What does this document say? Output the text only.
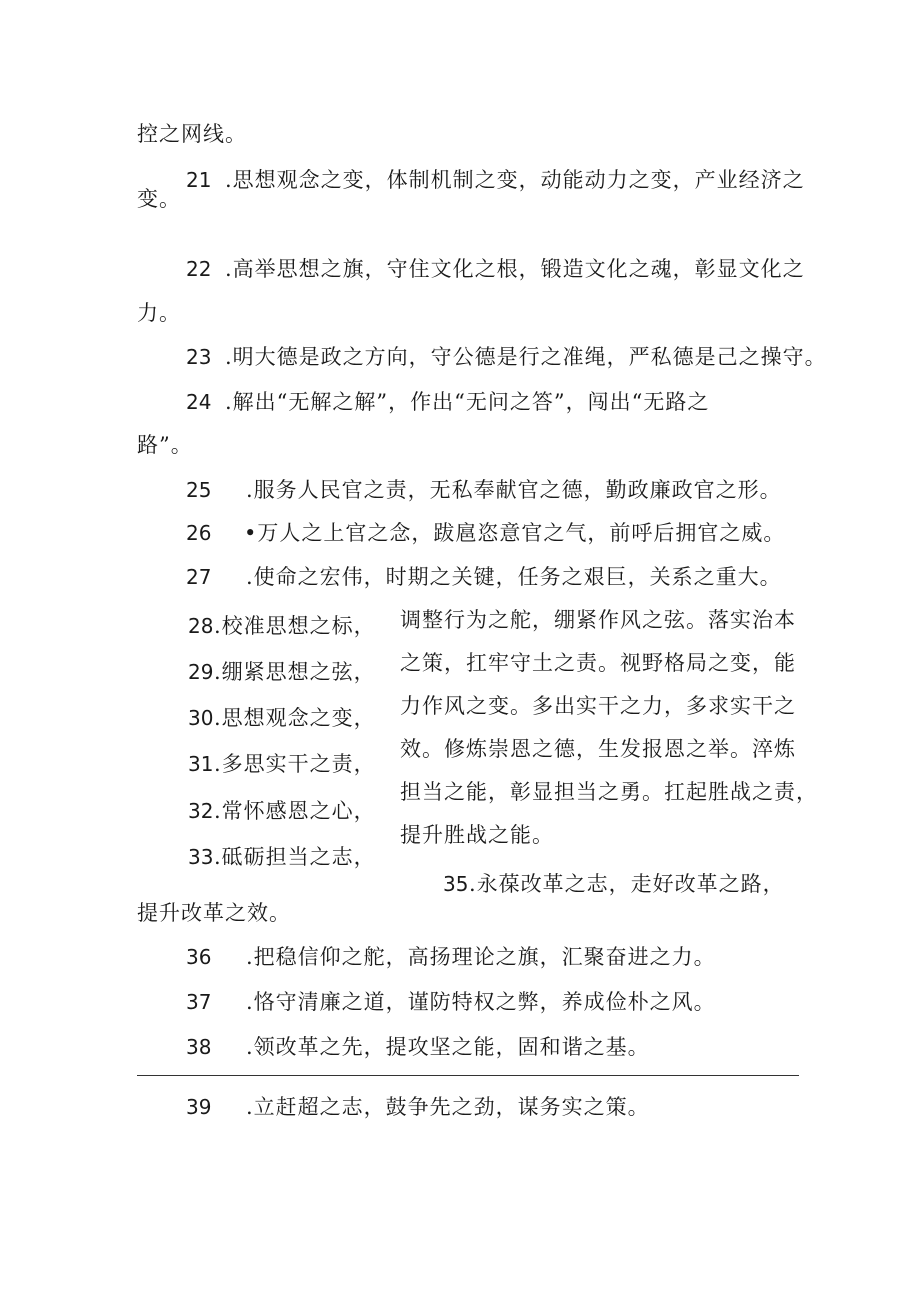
控之网线。
21 .思想观念之变，体制机制之变，动能动力之变，产业经济之
变。
22 .高举思想之旗，守住文化之根，锻造文化之魂，彰显文化之
力。
23 .明大德是政之方向，守公德是行之准绳，严私德是己之操守。
24 .解出“无解之解”，作出“无问之答”，闯出“无路之
路”。
25 .服务人民官之责，无私奉献官之德，勤政廉政官之形。
26 •万人之上官之念，跋扈恣意官之气，前呼后拥官之威。
27 .使命之宏伟，时期之关键，任务之艰巨，关系之重大。
28 .校准思想之标，
29 .绷紧思想之弦，
30 .思想观念之变，
31 .多思实干之责，
32 .常怀感恩之心，
33 .砥砺担当之志，
调整行为之舵，绷紧作风之弦。落实治本
之策，扛牢守土之责。视野格局之变，能
力作风之变。多出实干之力，多求实干之
效。修炼崇恩之德，生发报恩之举。淬炼
担当之能，彰显担当之勇。扛起胜战之责，
提升胜战之能。
35 .永葆改革之志，走好改革之路，
提升改革之效。
36 .把稳信仰之舵，高扬理论之旗，汇聚奋进之力。
37 .恪守清廉之道，谨防特权之弊，养成俭朴之风。
38 .领改革之先，提攻坚之能，固和谐之基。
39 .立赶超之志，鼓争先之劲，谋务实之策。
